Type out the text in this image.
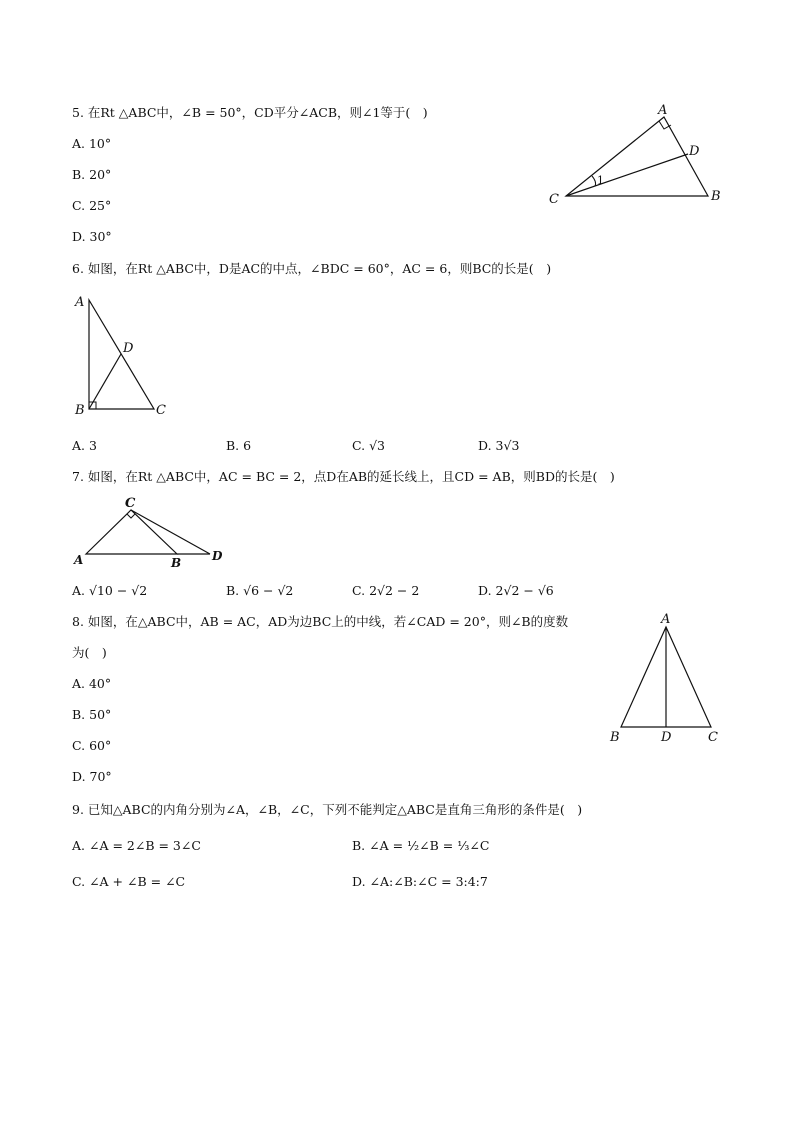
5. 在Rt △ABC中，∠B = 50°，CD平分∠ACB，则∠1等于(　)
A. 10°
B. 20°
C. 25°
D. 30°
A
D
C	B
1
6. 如图，在Rt △ABC中，D是AC的中点，∠BDC = 60°，AC = 6，则BC的长是(　)
A
D
B	C
A. 3	B. 6	C. √3	D. 3√3
7. 如图，在Rt △ABC中，AC = BC = 2，点D在AB的延长线上，且CD = AB，则BD的长是(　)
C
A	B	D
A. √10 − √2	B. √6 − √2	C. 2√2 − 2	D. 2√2 − √6
8. 如图，在△ABC中，AB = AC，AD为边BC上的中线，若∠CAD = 20°，则∠B的度数
为(　)
A. 40°
B. 50°
C. 60°
D. 70°
A
B	D	C
9. 已知△ABC的内角分别为∠A，∠B，∠C，下列不能判定△ABC是直角三角形的条件是(　)
A. ∠A = 2∠B = 3∠C	B. ∠A = ½∠B = ⅓∠C
C. ∠A + ∠B = ∠C	D. ∠A:∠B:∠C = 3:4:7
